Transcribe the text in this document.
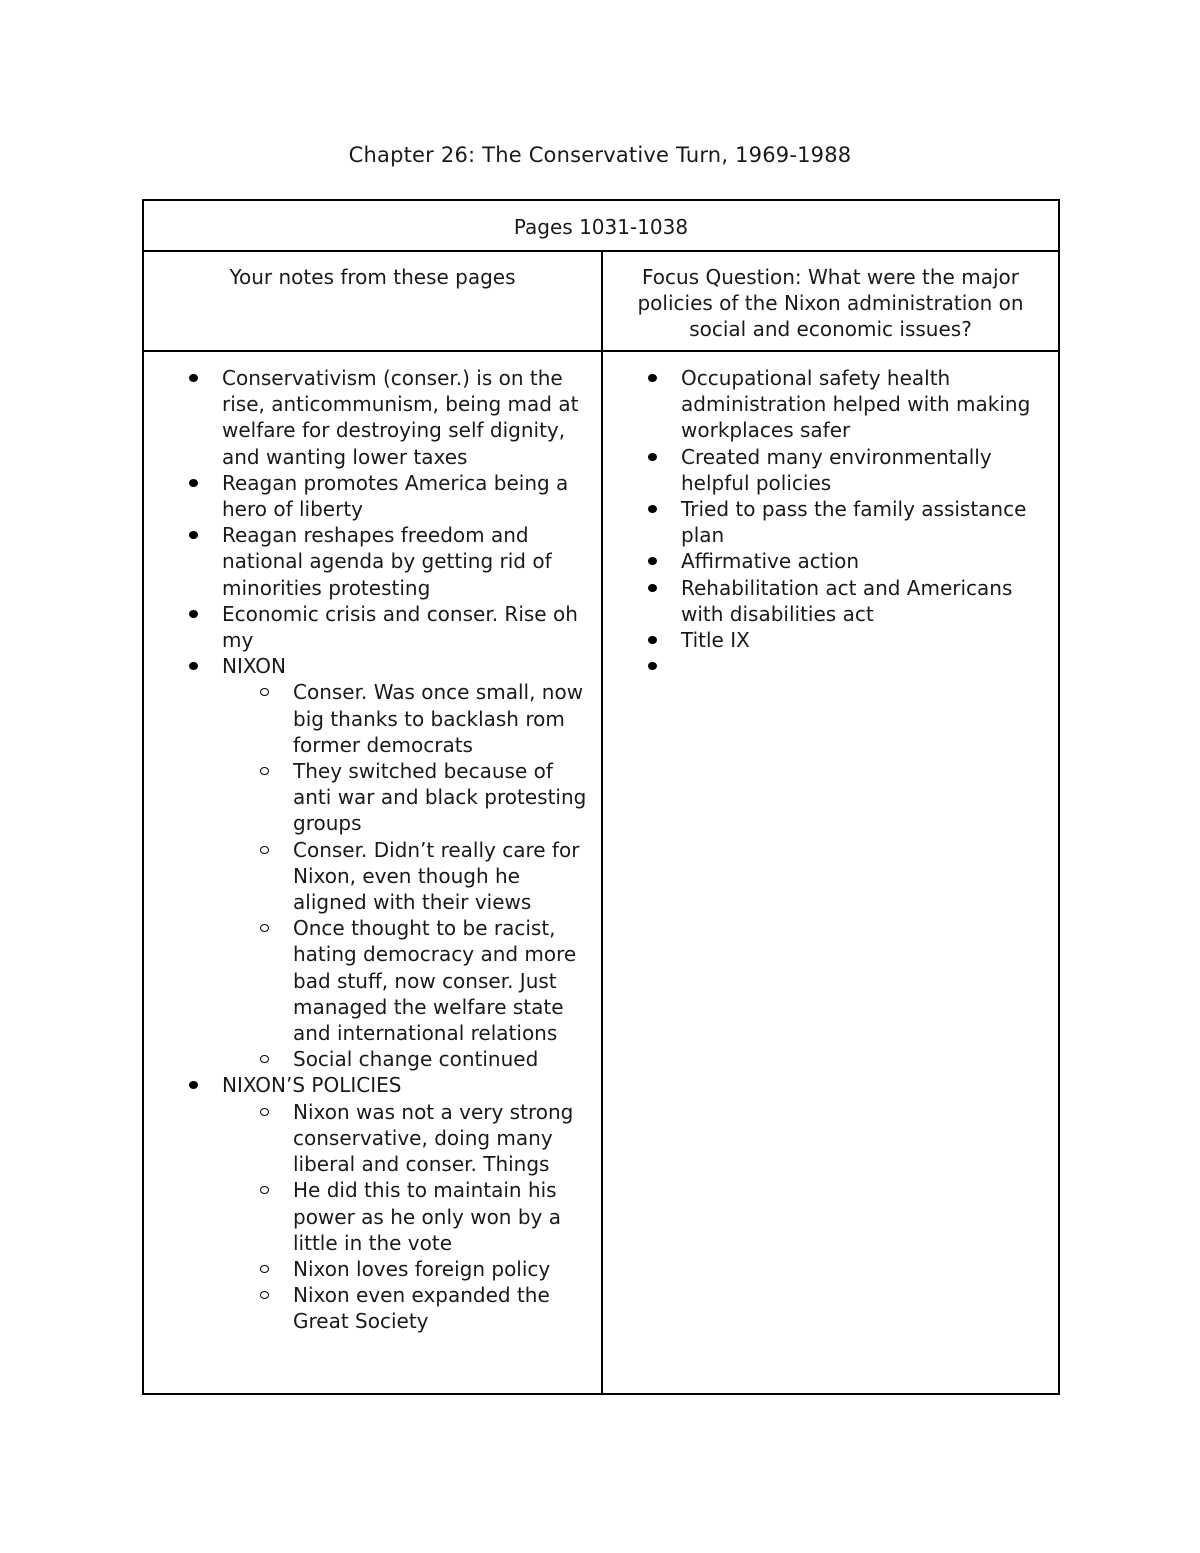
Chapter 26: The Conservative Turn, 1969-1988
Pages 1031-1038
Your notes from these pages	Focus Question: What were the major policies of the Nixon administration on social and economic issues?
Conservativism (conser.) is on the rise, anticommunism, being mad at welfare for destroying self dignity, and wanting lower taxes
Reagan promotes America being a hero of liberty
Reagan reshapes freedom and national agenda by getting rid of minorities protesting
Economic crisis and conser. Rise oh my
NIXON
Conser. Was once small, now big thanks to backlash rom former democrats
They switched because of anti war and black protesting groups
Conser. Didn’t really care for Nixon, even though he aligned with their views
Once thought to be racist, hating democracy and more bad stuff, now conser. Just managed the welfare state and international relations
Social change continued
NIXON’S POLICIES
Nixon was not a very strong conservative, doing many liberal and conser. Things
He did this to maintain his power as he only won by a little in the vote
Nixon loves foreign policy
Nixon even expanded the Great Society
Occupational safety health administration helped with making workplaces safer
Created many environmentally helpful policies
Tried to pass the family assistance plan
Affirmative action
Rehabilitation act and Americans with disabilities act
Title IX
